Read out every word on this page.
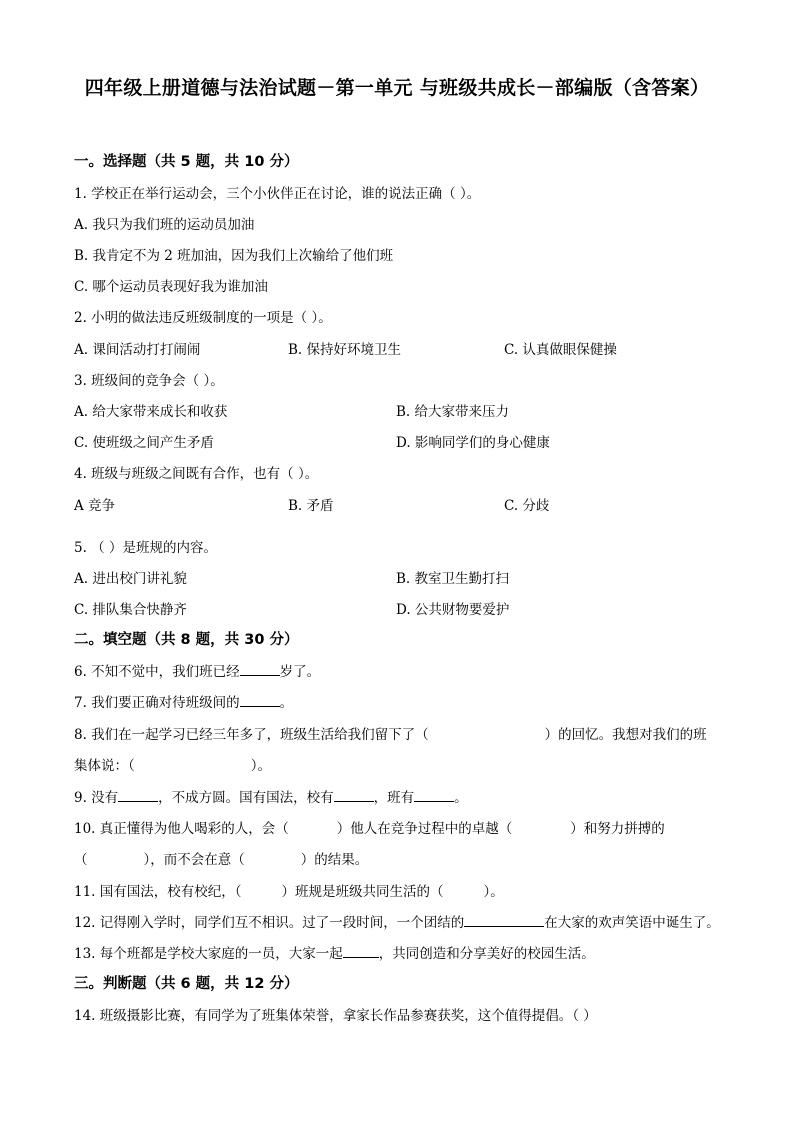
四年级上册道德与法治试题－第一单元 与班级共成长－部编版（含答案）
一。选择题（共 5 题，共 10 分）
1. 学校正在举行运动会，三个小伙伴正在讨论，谁的说法正确（ ）。
A. 我只为我们班的运动员加油
B. 我肯定不为 2 班加油，因为我们上次输给了他们班
C. 哪个运动员表现好我为谁加油
2. 小明的做法违反班级制度的一项是（ ）。
A. 课间活动打打闹闹	B. 保持好环境卫生	C. 认真做眼保健操
3. 班级间的竞争会（ ）。
A. 给大家带来成长和收获	B. 给大家带来压力
C. 使班级之间产生矛盾	D. 影响同学们的身心健康
4. 班级与班级之间既有合作，也有（ ）。
A 竞争	B. 矛盾	C. 分歧
5. （ ）是班规的内容。
A. 进出校门讲礼貌	B. 教室卫生勤打扫
C. 排队集合快静齐	D. 公共财物要爱护
二。填空题（共 8 题，共 30 分）
6. 不知不觉中，我们班已经	岁了。
7. 我们要正确对待班级间的	。
8. 我们在一起学习已经三年多了，班级生活给我们留下了（	）的回忆。我想对我们的班
集体说：（	）。
9. 没有	，不成方圆。国有国法，校有	，班有	。
10. 真正懂得为他人喝彩的人，会（	）他人在竞争过程中的卓越（	）和努力拼搏的
（	），而不会在意（	）的结果。
11. 国有国法，校有校纪，（	）班规是班级共同生活的（	）。
12. 记得刚入学时，同学们互不相识。过了一段时间，一个团结的	在大家的欢声笑语中诞生了。
13. 每个班都是学校大家庭的一员，大家一起	，共同创造和分享美好的校园生活。
三。判断题（共 6 题，共 12 分）
14. 班级摄影比赛，有同学为了班集体荣誉，拿家长作品参赛获奖，这个值得提倡。（ ）
